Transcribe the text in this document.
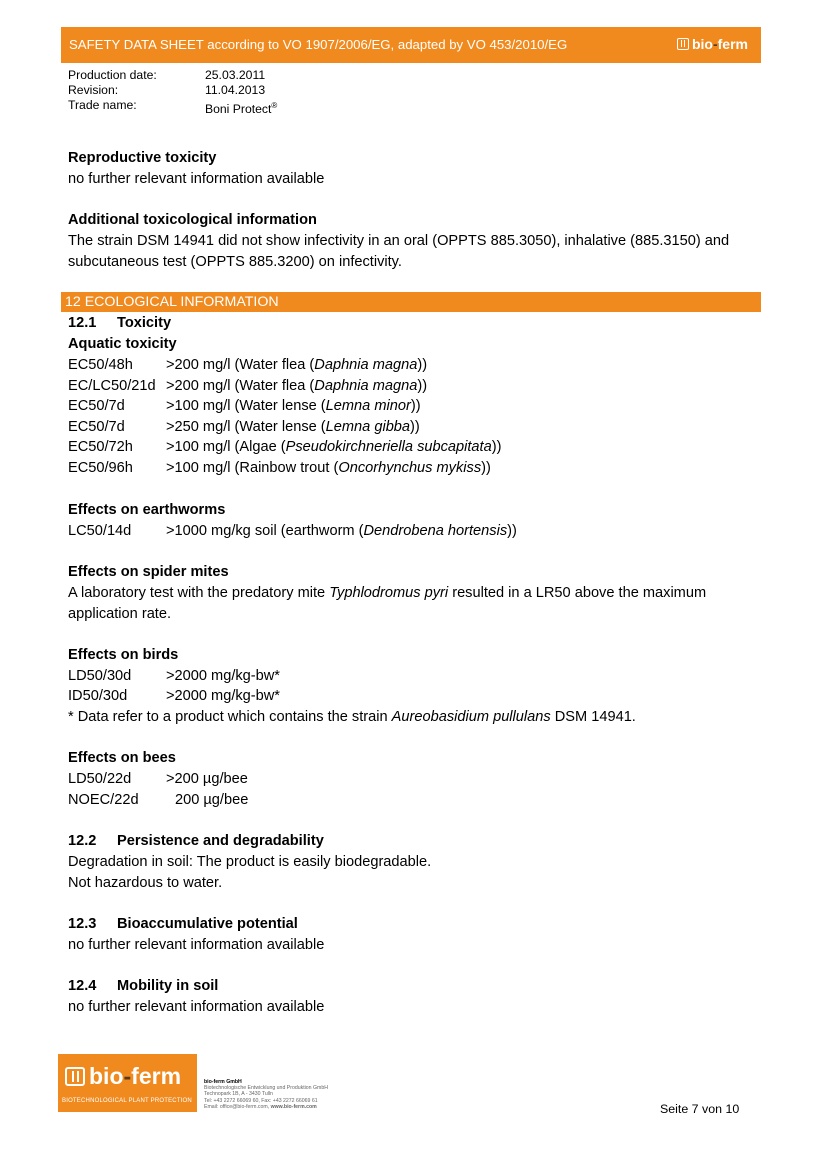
SAFETY DATA SHEET according to VO 1907/2006/EG, adapted by VO 453/2010/EG	bio - ferm
Production date:	25.03.2011
Revision:	11.04.2013
Trade name:	Boni Protect®
Reproductive toxicity
no further relevant information available
Additional toxicological information
The strain DSM 14941 did not show infectivity in an oral (OPPTS 885.3050), inhalative (885.3150) and
subcutaneous test (OPPTS 885.3200) on infectivity.
12 ECOLOGICAL INFORMATION
12.1 Toxicity
Aquatic toxicity
EC50/48h	>200 mg/l (Water flea (Daphnia magna))
EC/LC50/21d >200 mg/l (Water flea (Daphnia magna))
EC50/7d	>100 mg/l (Water lense (Lemna minor))
EC50/7d	>250 mg/l (Water lense (Lemna gibba))
EC50/72h	>100 mg/l (Algae (Pseudokirchneriella subcapitata))
EC50/96h	>100 mg/l (Rainbow trout (Oncorhynchus mykiss))
Effects on earthworms
LC50/14d	>1000 mg/kg soil (earthworm (Dendrobena hortensis))
Effects on spider mites
A laboratory test with the predatory mite Typhlodromus pyri resulted in a LR50 above the maximum
application rate.
Effects on birds
LD50/30d	>2000 mg/kg-bw*
ID50/30d	>2000 mg/kg-bw*
* Data refer to a product which contains the strain Aureobasidium pullulans DSM 14941.
Effects on bees
LD50/22d	>200 µg/bee
NOEC/22d	200 µg/bee
12.2 Persistence and degradability
Degradation in soil: The product is easily biodegradable.
Not hazardous to water.
12.3 Bioaccumulative potential
no further relevant information available
12.4 Mobility in soil
no further relevant information available
bio - ferm
BIOTECHNOLOGICAL PLANT PROTECTION
bio-ferm GmbH
Biotechnologische Entwicklung und Produktion GmbH
Technopark 1B, A - 3430 Tulln
Tel: +43 2272 66069 60, Fax: +43 2272 66069 61
Email: office@bio-ferm.com, www.bio-ferm.com	Seite 7 von 10
